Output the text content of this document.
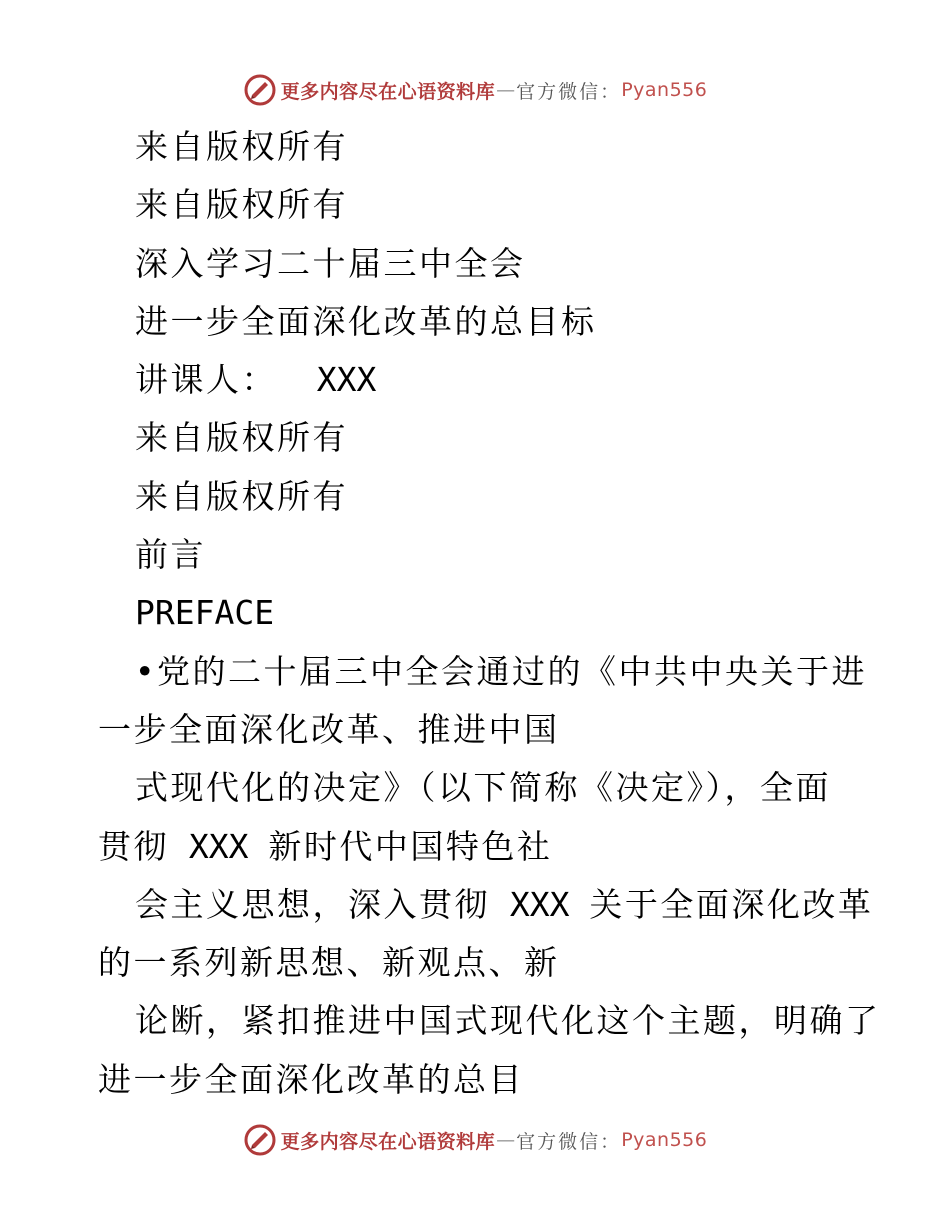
更多内容尽在心语资料库 — 官方微信： Pyan556
来自版权所有
来自版权所有
深入学习二十届三中全会
进一步全面深化改革的总目标
讲课人： XXX
来自版权所有
来自版权所有
前言
PREFACE
•党的二十届三中全会通过的《中共中央关于进
一步全面深化改革、推进中国
式现代化的决定》（以下简称《决定》），全面
贯彻 XXX 新时代中国特色社
会主义思想，深入贯彻 XXX 关于全面深化改革
的一系列新思想、新观点、新
论断，紧扣推进中国式现代化这个主题，明确了
进一步全面深化改革的总目
更多内容尽在心语资料库 — 官方微信： Pyan556
